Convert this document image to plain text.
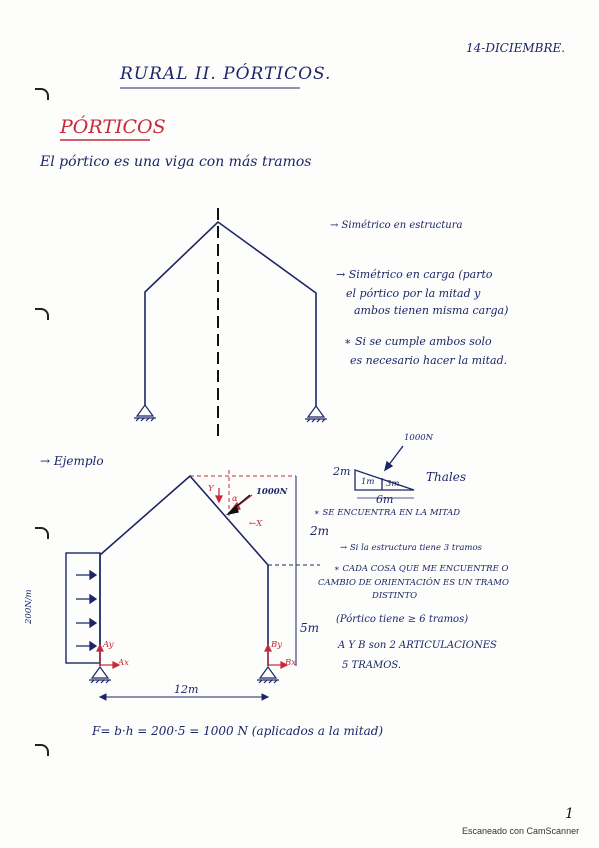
14-DICIEMBRE.
RURAL II. PÓRTICOS.
PÓRTICOS
El pórtico es una viga con más tramos
→ Simétrico en estructura
→ Simétrico en carga (parto
el pórtico por la mitad y
ambos tienen misma carga)
∗ Si se cumple ambos solo
es necesario hacer la mitad.
→ Ejemplo
1000N
Y
←X
α
1000N
2m
1m 3m
6m
Thales
∗ SE ENCUENTRA EN LA MITAD
2m
5m
12m
200N/m
Ay
Ax
By
Bx
→ Si la estructura tiene 3 tramos
∗ CADA COSA QUE ME ENCUENTRE O
CAMBIO DE ORIENTACIÓN ES UN TRAMO
DISTINTO
(Pórtico tiene ≥ 6 tramos)
A Y B son 2 ARTICULACIONES
5 TRAMOS.
F= b·h = 200·5 = 1000 N (aplicados a la mitad)
1
Escaneado con CamScanner
